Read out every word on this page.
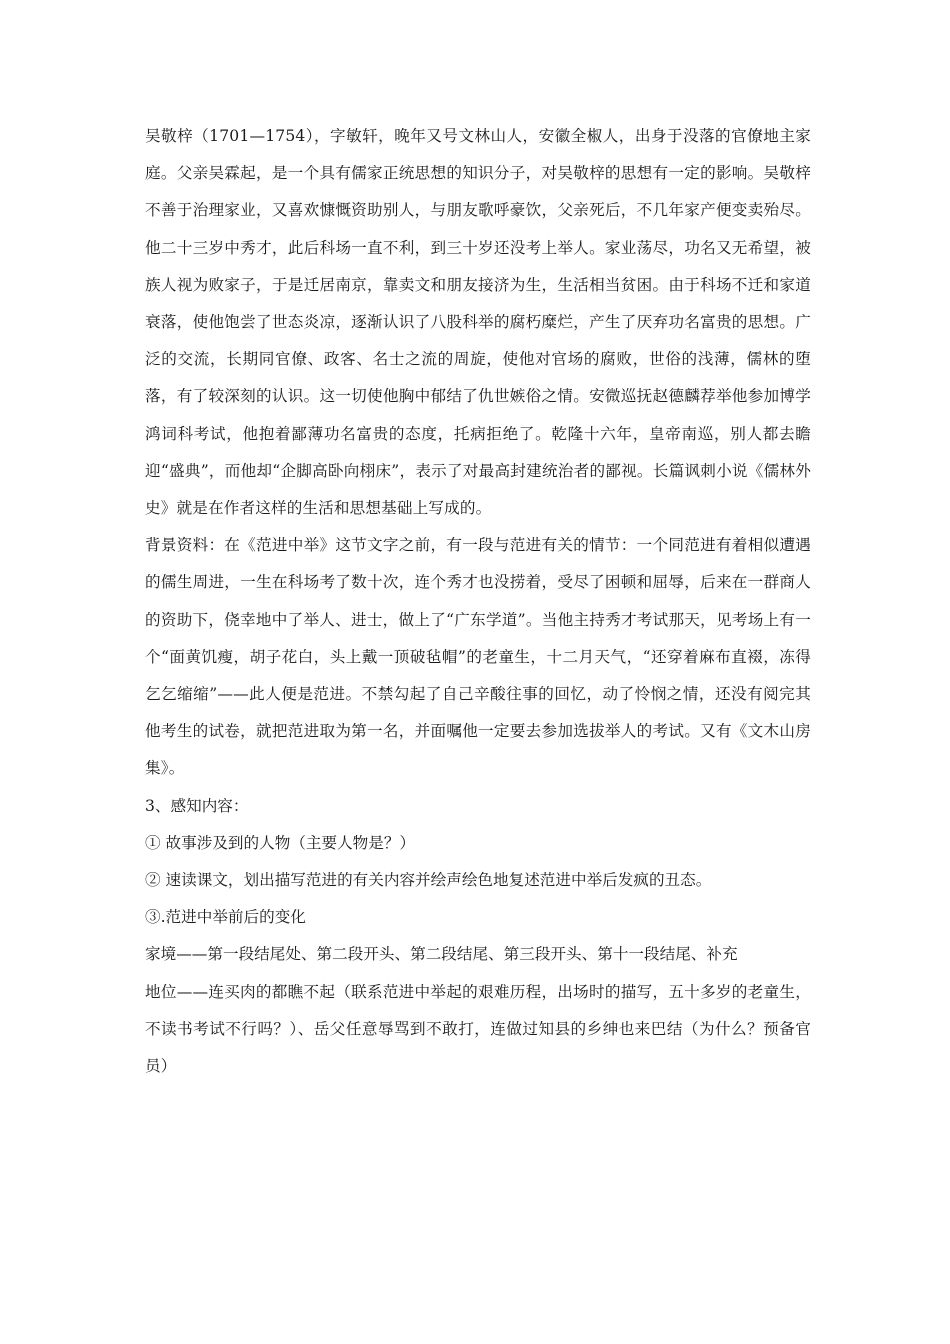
吴敬梓（1701—1754），字敏轩，晚年又号文林山人，安徽全椒人，出身于没落的官僚地主家庭。父亲吴霖起，是一个具有儒家正统思想的知识分子，对吴敬梓的思想有一定的影响。吴敬梓不善于治理家业，又喜欢慷慨资助别人，与朋友歌呼豪饮，父亲死后，不几年家产便变卖殆尽。他二十三岁中秀才，此后科场一直不利，到三十岁还没考上举人。家业荡尽，功名又无希望，被族人视为败家子，于是迁居南京，靠卖文和朋友接济为生，生活相当贫困。由于科场不迁和家道衰落，使他饱尝了世态炎凉，逐渐认识了八股科举的腐朽糜烂，产生了厌弃功名富贵的思想。广泛的交流，长期同官僚、政客、名士之流的周旋，使他对官场的腐败，世俗的浅薄，儒林的堕落，有了较深刻的认识。这一切使他胸中郁结了仇世嫉俗之情。安微巡抚赵德麟荐举他参加博学鸿词科考试，他抱着鄙薄功名富贵的态度，托病拒绝了。乾隆十六年，皇帝南巡，别人都去瞻迎“盛典”，而他却“企脚高卧向栩床”，表示了对最高封建统治者的鄙视。长篇讽刺小说《儒林外史》就是在作者这样的生活和思想基础上写成的。

背景资料：在《范进中举》这节文字之前，有一段与范进有关的情节：一个同范进有着相似遭遇的儒生周进，一生在科场考了数十次，连个秀才也没捞着，受尽了困顿和屈辱，后来在一群商人的资助下，侥幸地中了举人、进士，做上了“广东学道”。当他主持秀才考试那天，见考场上有一个“面黄饥瘦，胡子花白，头上戴一顶破毡帽”的老童生，十二月天气，“还穿着麻布直裰，冻得乞乞缩缩”——此人便是范进。不禁勾起了自己辛酸往事的回忆，动了怜悯之情，还没有阅完其他考生的试卷，就把范进取为第一名，并面嘱他一定要去参加选拔举人的考试。又有《文木山房集》。

3、感知内容：

① 故事涉及到的人物（主要人物是？）

② 速读课文，划出描写范进的有关内容并绘声绘色地复述范进中举后发疯的丑态。

③.范进中举前后的变化

家境——第一段结尾处、第二段开头、第二段结尾、第三段开头、第十一段结尾、补充

地位——连买肉的都瞧不起（联系范进中举起的艰难历程，出场时的描写，五十多岁的老童生，不读书考试不行吗？）、岳父任意辱骂到不敢打，连做过知县的乡绅也来巴结（为什么？预备官员）
